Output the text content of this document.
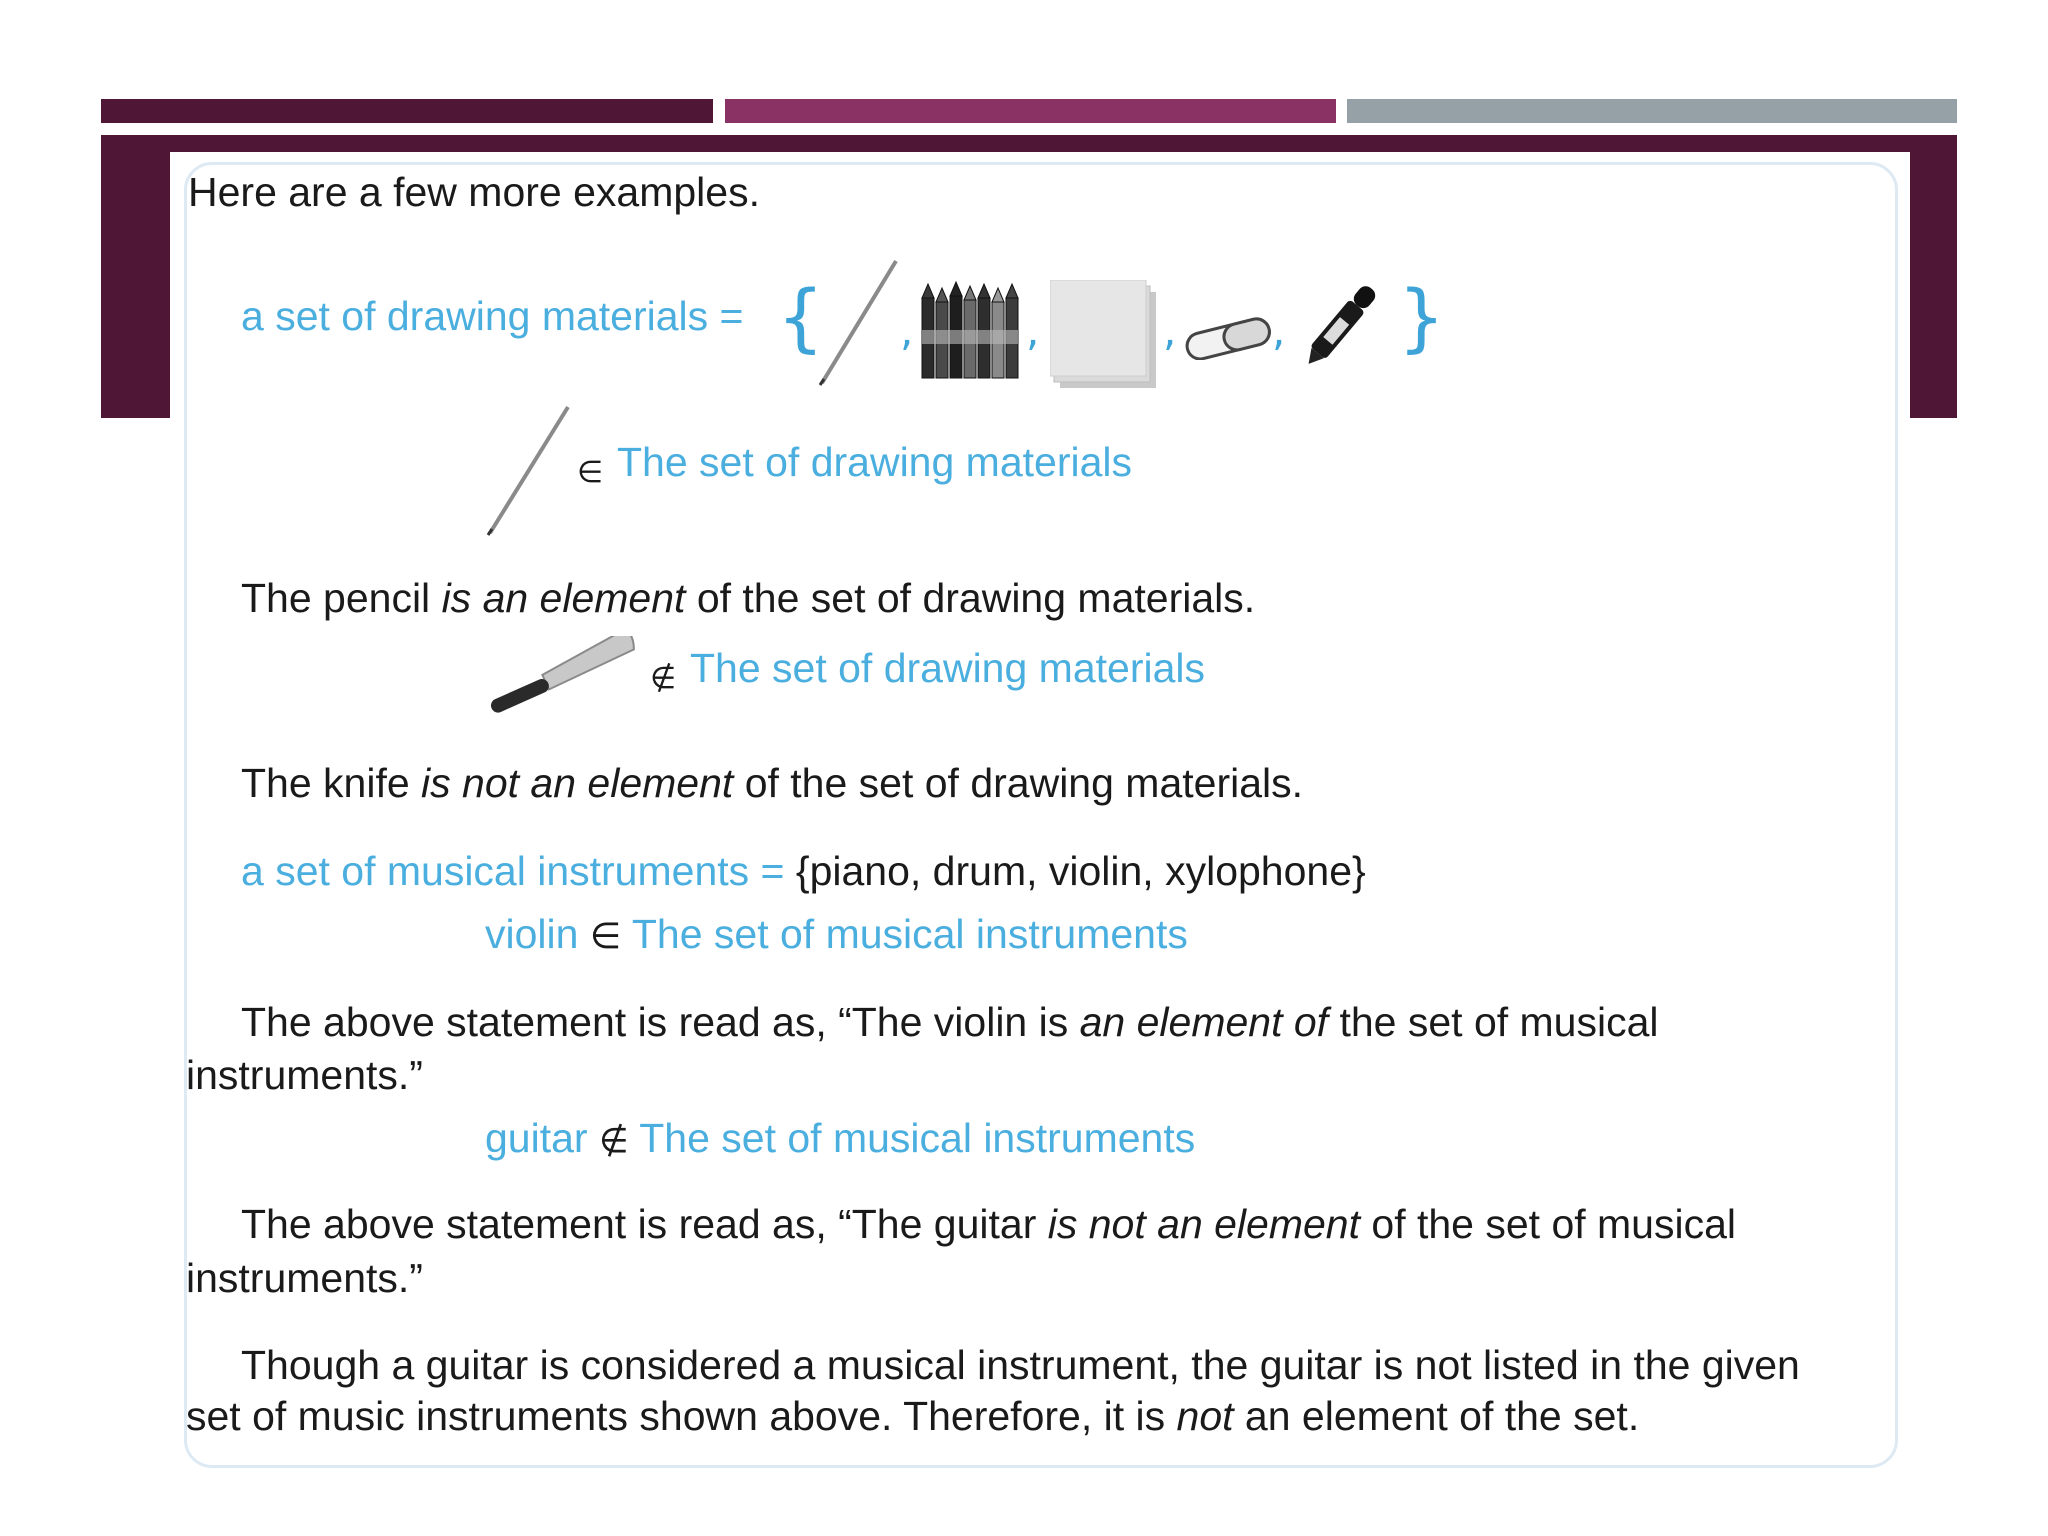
Here are a few more examples.
a set of drawing materials = { ,	,	, , }
∈ The set of drawing materials
The pencil is an element of the set of drawing materials.
∉ The set of drawing materials
The knife is not an element of the set of drawing materials.
a set of musical instruments = {piano, drum, violin, xylophone}
violin ∈ The set of musical instruments
The above statement is read as, “The violin is an element of the set of musical
instruments.”
guitar ∉ The set of musical instruments
The above statement is read as, “The guitar is not an element of the set of musical
instruments.”
Though a guitar is considered a musical instrument, the guitar is not listed in the given
set of music instruments shown above. Therefore, it is not an element of the set.
